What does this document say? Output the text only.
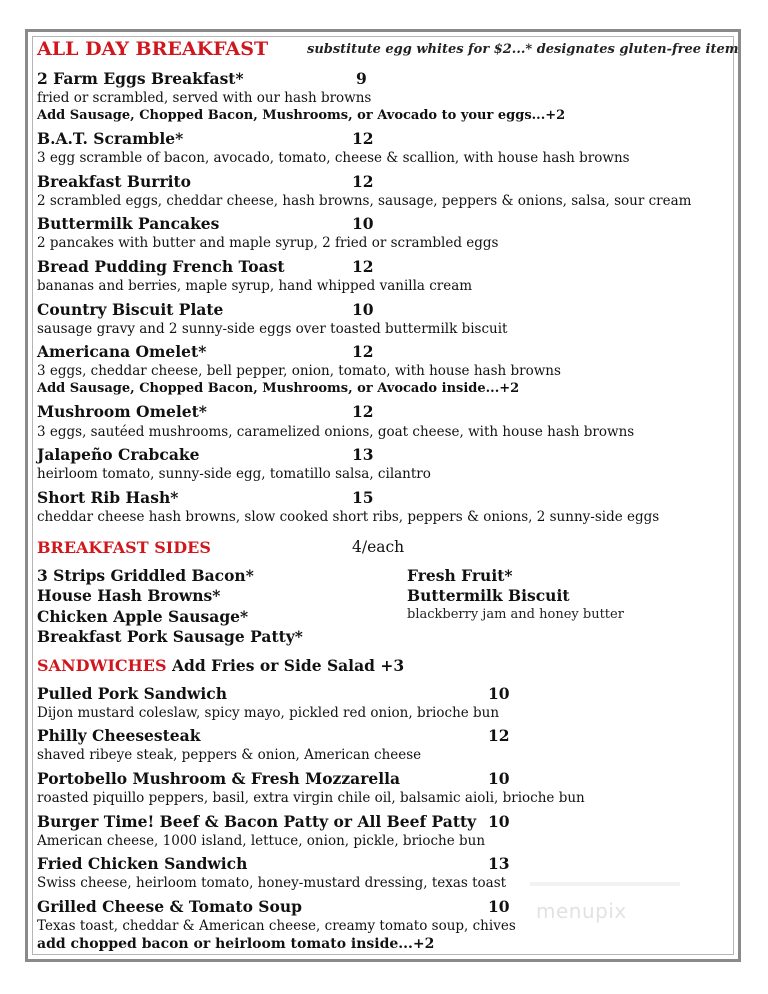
ALL DAY BREAKFAST	substitute egg whites for $2...* designates gluten-free item
2 Farm Eggs Breakfast*	9
fried or scrambled, served with our hash browns
Add Sausage, Chopped Bacon, Mushrooms, or Avocado to your eggs...+2
B.A.T. Scramble*	12
3 egg scramble of bacon, avocado, tomato, cheese & scallion, with house hash browns
Breakfast Burrito	12
2 scrambled eggs, cheddar cheese, hash browns, sausage, peppers & onions, salsa, sour cream
Buttermilk Pancakes	10
2 pancakes with butter and maple syrup, 2 fried or scrambled eggs
Bread Pudding French Toast	12
bananas and berries, maple syrup, hand whipped vanilla cream
Country Biscuit Plate	10
sausage gravy and 2 sunny-side eggs over toasted buttermilk biscuit
Americana Omelet*	12
3 eggs, cheddar cheese, bell pepper, onion, tomato, with house hash browns
Add Sausage, Chopped Bacon, Mushrooms, or Avocado inside...+2
Mushroom Omelet*	12
3 eggs, sautéed mushrooms, caramelized onions, goat cheese, with house hash browns
Jalapeño Crabcake	13
heirloom tomato, sunny-side egg, tomatillo salsa, cilantro
Short Rib Hash*	15
cheddar cheese hash browns, slow cooked short ribs, peppers & onions, 2 sunny-side eggs
BREAKFAST SIDES	4/each
3 Strips Griddled Bacon*
House Hash Browns*
Chicken Apple Sausage*
Breakfast Pork Sausage Patty*
Fresh Fruit*
Buttermilk Biscuit
blackberry jam and honey butter
SANDWICHES Add Fries or Side Salad +3
Pulled Pork Sandwich	10
Dijon mustard coleslaw, spicy mayo, pickled red onion, brioche bun
Philly Cheesesteak	12
shaved ribeye steak, peppers & onion, American cheese
Portobello Mushroom & Fresh Mozzarella	10
roasted piquillo peppers, basil, extra virgin chile oil, balsamic aioli, brioche bun
Burger Time! Beef & Bacon Patty or All Beef Patty 10
American cheese, 1000 island, lettuce, onion, pickle, brioche bun
Fried Chicken Sandwich	13
Swiss cheese, heirloom tomato, honey-mustard dressing, texas toast
Grilled Cheese & Tomato Soup	10
Texas toast, cheddar & American cheese, creamy tomato soup, chives
add chopped bacon or heirloom tomato inside...+2
menupix
